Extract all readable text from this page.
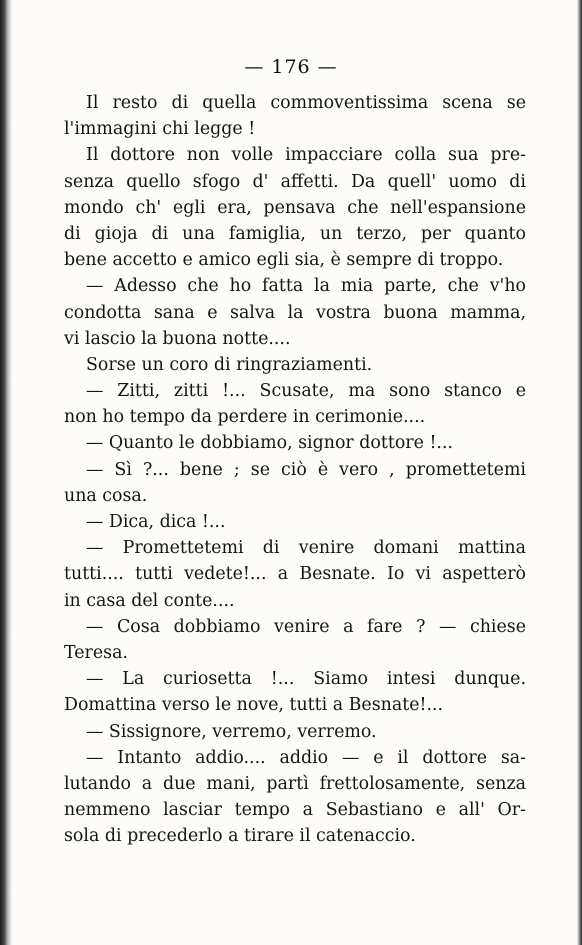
— 176 —
Il resto di quella commoventissima scena se
l'immagini chi legge !
Il dottore non volle impacciare colla sua pre-
senza quello sfogo d' affetti. Da quell' uomo di
mondo ch' egli era, pensava che nell'espansione
di gioja di una famiglia, un terzo, per quanto
bene accetto e amico egli sia, è sempre di troppo.
— Adesso che ho fatta la mia parte, che v'ho
condotta sana e salva la vostra buona mamma,
vi lascio la buona notte....
Sorse un coro di ringraziamenti.
— Zitti, zitti !... Scusate, ma sono stanco e
non ho tempo da perdere in cerimonie....
— Quanto le dobbiamo, signor dottore !...
— Sì ?... bene ; se ciò è vero , promettetemi
una cosa.
— Dica, dica !...
— Promettetemi di venire domani mattina
tutti.... tutti vedete!... a Besnate. Io vi aspetterò
in casa del conte....
— Cosa dobbiamo venire a fare ? — chiese
Teresa.
— La curiosetta !... Siamo intesi dunque.
Domattina verso le nove, tutti a Besnate!...
— Sissignore, verremo, verremo.
— Intanto addio.... addio — e il dottore sa-
lutando a due mani, partì frettolosamente, senza
nemmeno lasciar tempo a Sebastiano e all' Or-
sola di precederlo a tirare il catenaccio.
